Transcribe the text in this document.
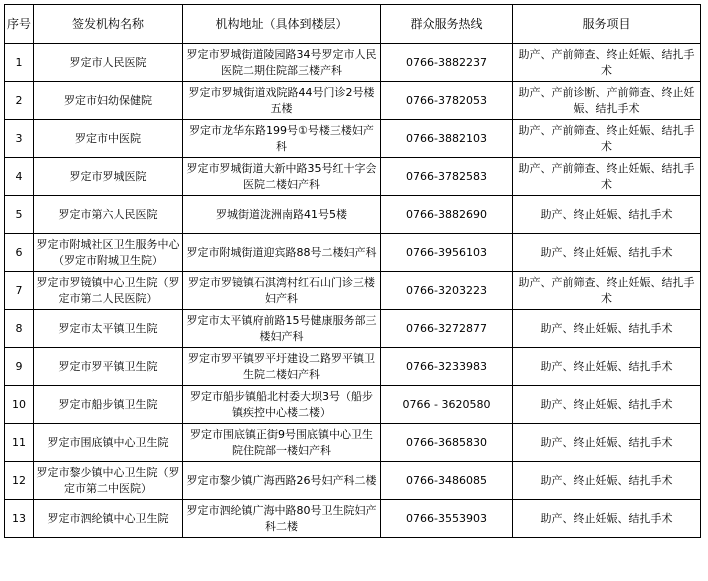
序号	签发机构名称	机构地址（具体到楼层）	群众服务热线	服务项目
1	罗定市人民医院	罗定市罗城街道陵园路34号罗定市人民医院二期住院部三楼产科	0766-3882237	助产、产前筛查、终止妊娠、结扎手术
2	罗定市妇幼保健院	罗定市罗城街道戏院路44号门诊2号楼五楼	0766-3782053	助产、产前诊断、产前筛查、终止妊娠、结扎手术
3	罗定市中医院	罗定市龙华东路199号①号楼三楼妇产科	0766-3882103	助产、产前筛查、终止妊娠、结扎手术
4	罗定市罗城医院	罗定市罗城街道大新中路35号红十字会医院二楼妇产科	0766-3782583	助产、产前筛查、终止妊娠、结扎手术
5	罗定市第六人民医院	罗城街道泷洲南路41号5楼	0766-3882690	助产、终止妊娠、结扎手术
6	罗定市附城社区卫生服务中心（罗定市附城卫生院）	罗定市附城街道迎宾路88号二楼妇产科	0766-3956103	助产、终止妊娠、结扎手术
7	罗定市罗镜镇中心卫生院（罗定市第二人民医院）	罗定市罗镜镇石淇湾村红石山门诊三楼妇产科	0766-3203223	助产、产前筛查、终止妊娠、结扎手术
8	罗定市太平镇卫生院	罗定市太平镇府前路15号健康服务部三楼妇产科	0766-3272877	助产、终止妊娠、结扎手术
9	罗定市罗平镇卫生院	罗定市罗平镇罗平圩建设二路罗平镇卫生院二楼妇产科	0766-3233983	助产、终止妊娠、结扎手术
10	罗定市船步镇卫生院	罗定市船步镇船北村委大坝3号（船步镇疾控中心楼二楼）	0766 - 3620580	助产、终止妊娠、结扎手术
11	罗定市围底镇中心卫生院	罗定市围底镇正街9号围底镇中心卫生院住院部一楼妇产科	0766-3685830	助产、终止妊娠、结扎手术
12	罗定市黎少镇中心卫生院（罗定市第二中医院）	罗定市黎少镇广海西路26号妇产科二楼	0766-3486085	助产、终止妊娠、结扎手术
13	罗定市泗纶镇中心卫生院	罗定市泗纶镇广海中路80号卫生院妇产科二楼	0766-3553903	助产、终止妊娠、结扎手术
